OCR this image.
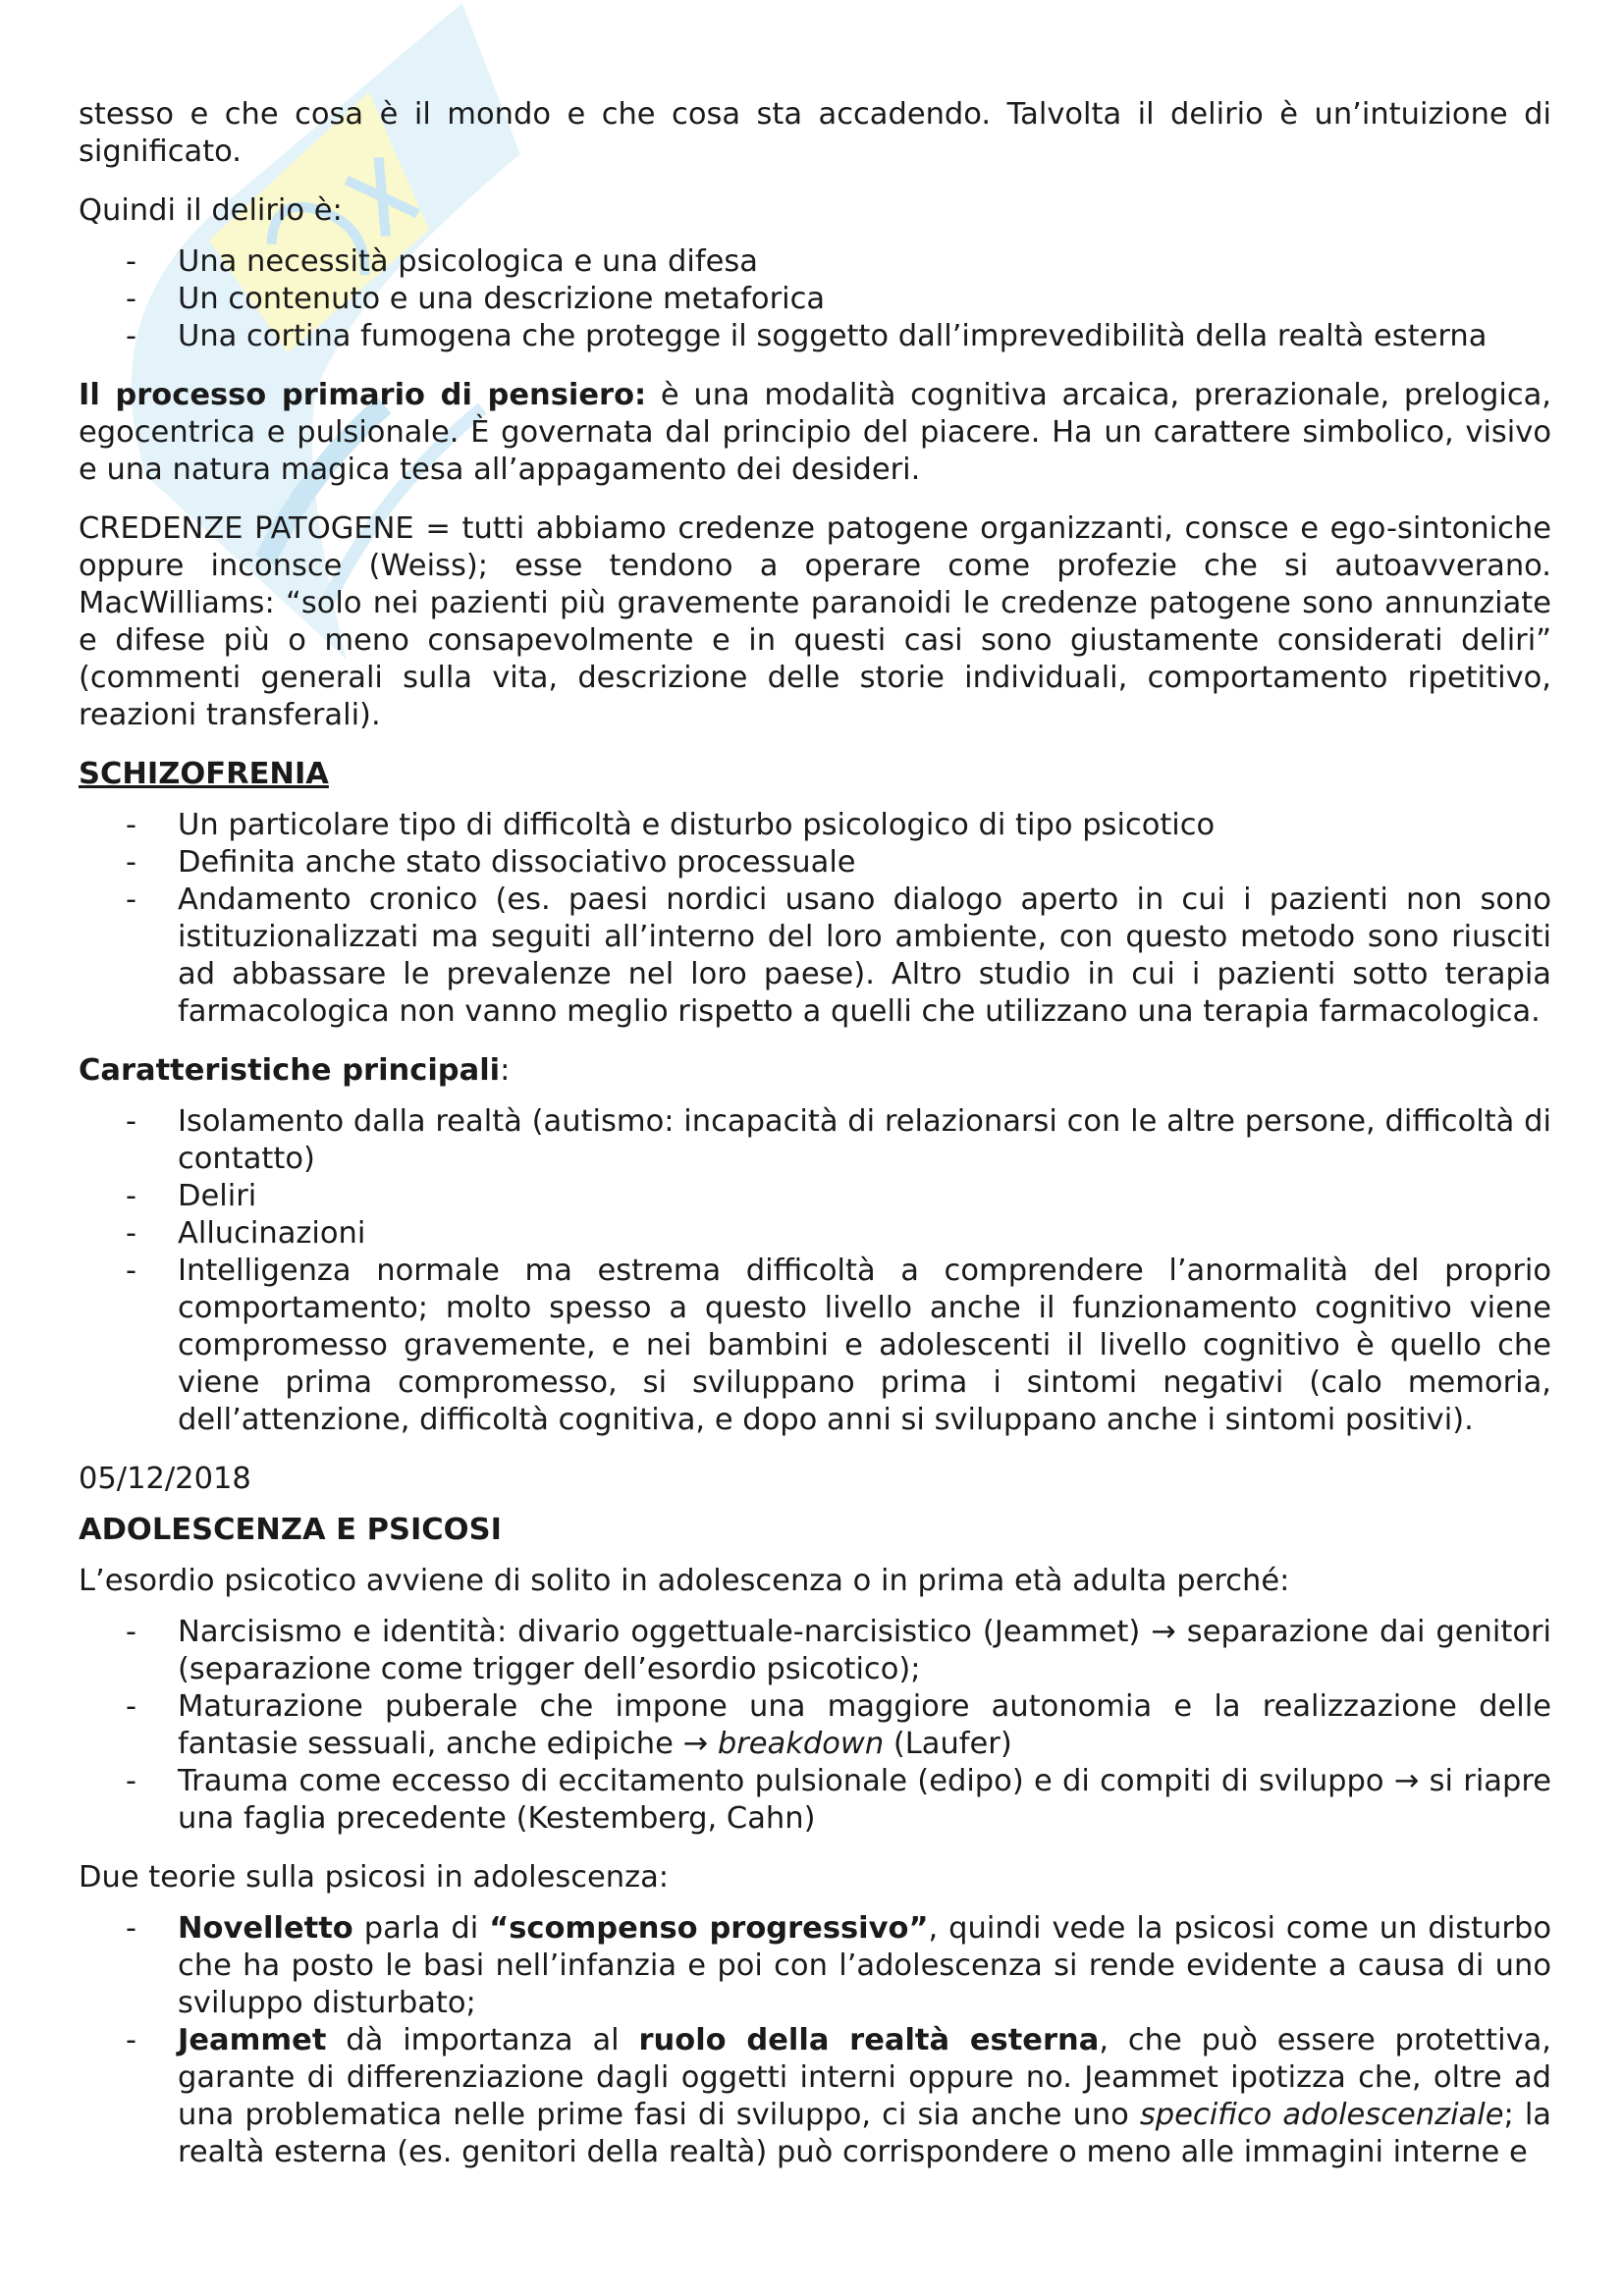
stesso e che cosa è il mondo e che cosa sta accadendo. Talvolta il delirio è un’intuizione di significato.

Quindi il delirio è:

- Una necessità psicologica e una difesa
- Un contenuto e una descrizione metaforica
- Una cortina fumogena che protegge il soggetto dall’imprevedibilità della realtà esterna

Il processo primario di pensiero: è una modalità cognitiva arcaica, prerazionale, prelogica, egocentrica e pulsionale. È governata dal principio del piacere. Ha un carattere simbolico, visivo e una natura magica tesa all’appagamento dei desideri.

CREDENZE PATOGENE = tutti abbiamo credenze patogene organizzanti, consce e ego-sintoniche oppure inconsce (Weiss); esse tendono a operare come profezie che si autoavverano. MacWilliams: “solo nei pazienti più gravemente paranoidi le credenze patogene sono annunziate e difese più o meno consapevolmente e in questi casi sono giustamente considerati deliri” (commenti generali sulla vita, descrizione delle storie individuali, comportamento ripetitivo, reazioni transferali).

SCHIZOFRENIA

- Un particolare tipo di difficoltà e disturbo psicologico di tipo psicotico
- Definita anche stato dissociativo processuale
- Andamento cronico (es. paesi nordici usano dialogo aperto in cui i pazienti non sono istituzionalizzati ma seguiti all’interno del loro ambiente, con questo metodo sono riusciti ad abbassare le prevalenze nel loro paese). Altro studio in cui i pazienti sotto terapia farmacologica non vanno meglio rispetto a quelli che utilizzano una terapia farmacologica.

Caratteristiche principali:

- Isolamento dalla realtà (autismo: incapacità di relazionarsi con le altre persone, difficoltà di contatto)
- Deliri
- Allucinazioni
- Intelligenza normale ma estrema difficoltà a comprendere l’anormalità del proprio comportamento; molto spesso a questo livello anche il funzionamento cognitivo viene compromesso gravemente, e nei bambini e adolescenti il livello cognitivo è quello che viene prima compromesso, si sviluppano prima i sintomi negativi (calo memoria, dell’attenzione, difficoltà cognitiva, e dopo anni si sviluppano anche i sintomi positivi).

05/12/2018

ADOLESCENZA E PSICOSI

L’esordio psicotico avviene di solito in adolescenza o in prima età adulta perché:

- Narcisismo e identità: divario oggettuale-narcisistico (Jeammet) → separazione dai genitori (separazione come trigger dell’esordio psicotico);
- Maturazione puberale che impone una maggiore autonomia e la realizzazione delle fantasie sessuali, anche edipiche → breakdown (Laufer)
- Trauma come eccesso di eccitamento pulsionale (edipo) e di compiti di sviluppo → si riapre una faglia precedente (Kestemberg, Cahn)

Due teorie sulla psicosi in adolescenza:

- Novelletto parla di “scompenso progressivo”, quindi vede la psicosi come un disturbo che ha posto le basi nell’infanzia e poi con l’adolescenza si rende evidente a causa di uno sviluppo disturbato;
- Jeammet dà importanza al ruolo della realtà esterna, che può essere protettiva, garante di differenziazione dagli oggetti interni oppure no. Jeammet ipotizza che, oltre ad una problematica nelle prime fasi di sviluppo, ci sia anche uno specifico adolescenziale; la realtà esterna (es. genitori della realtà) può corrispondere o meno alle immagini interne e
